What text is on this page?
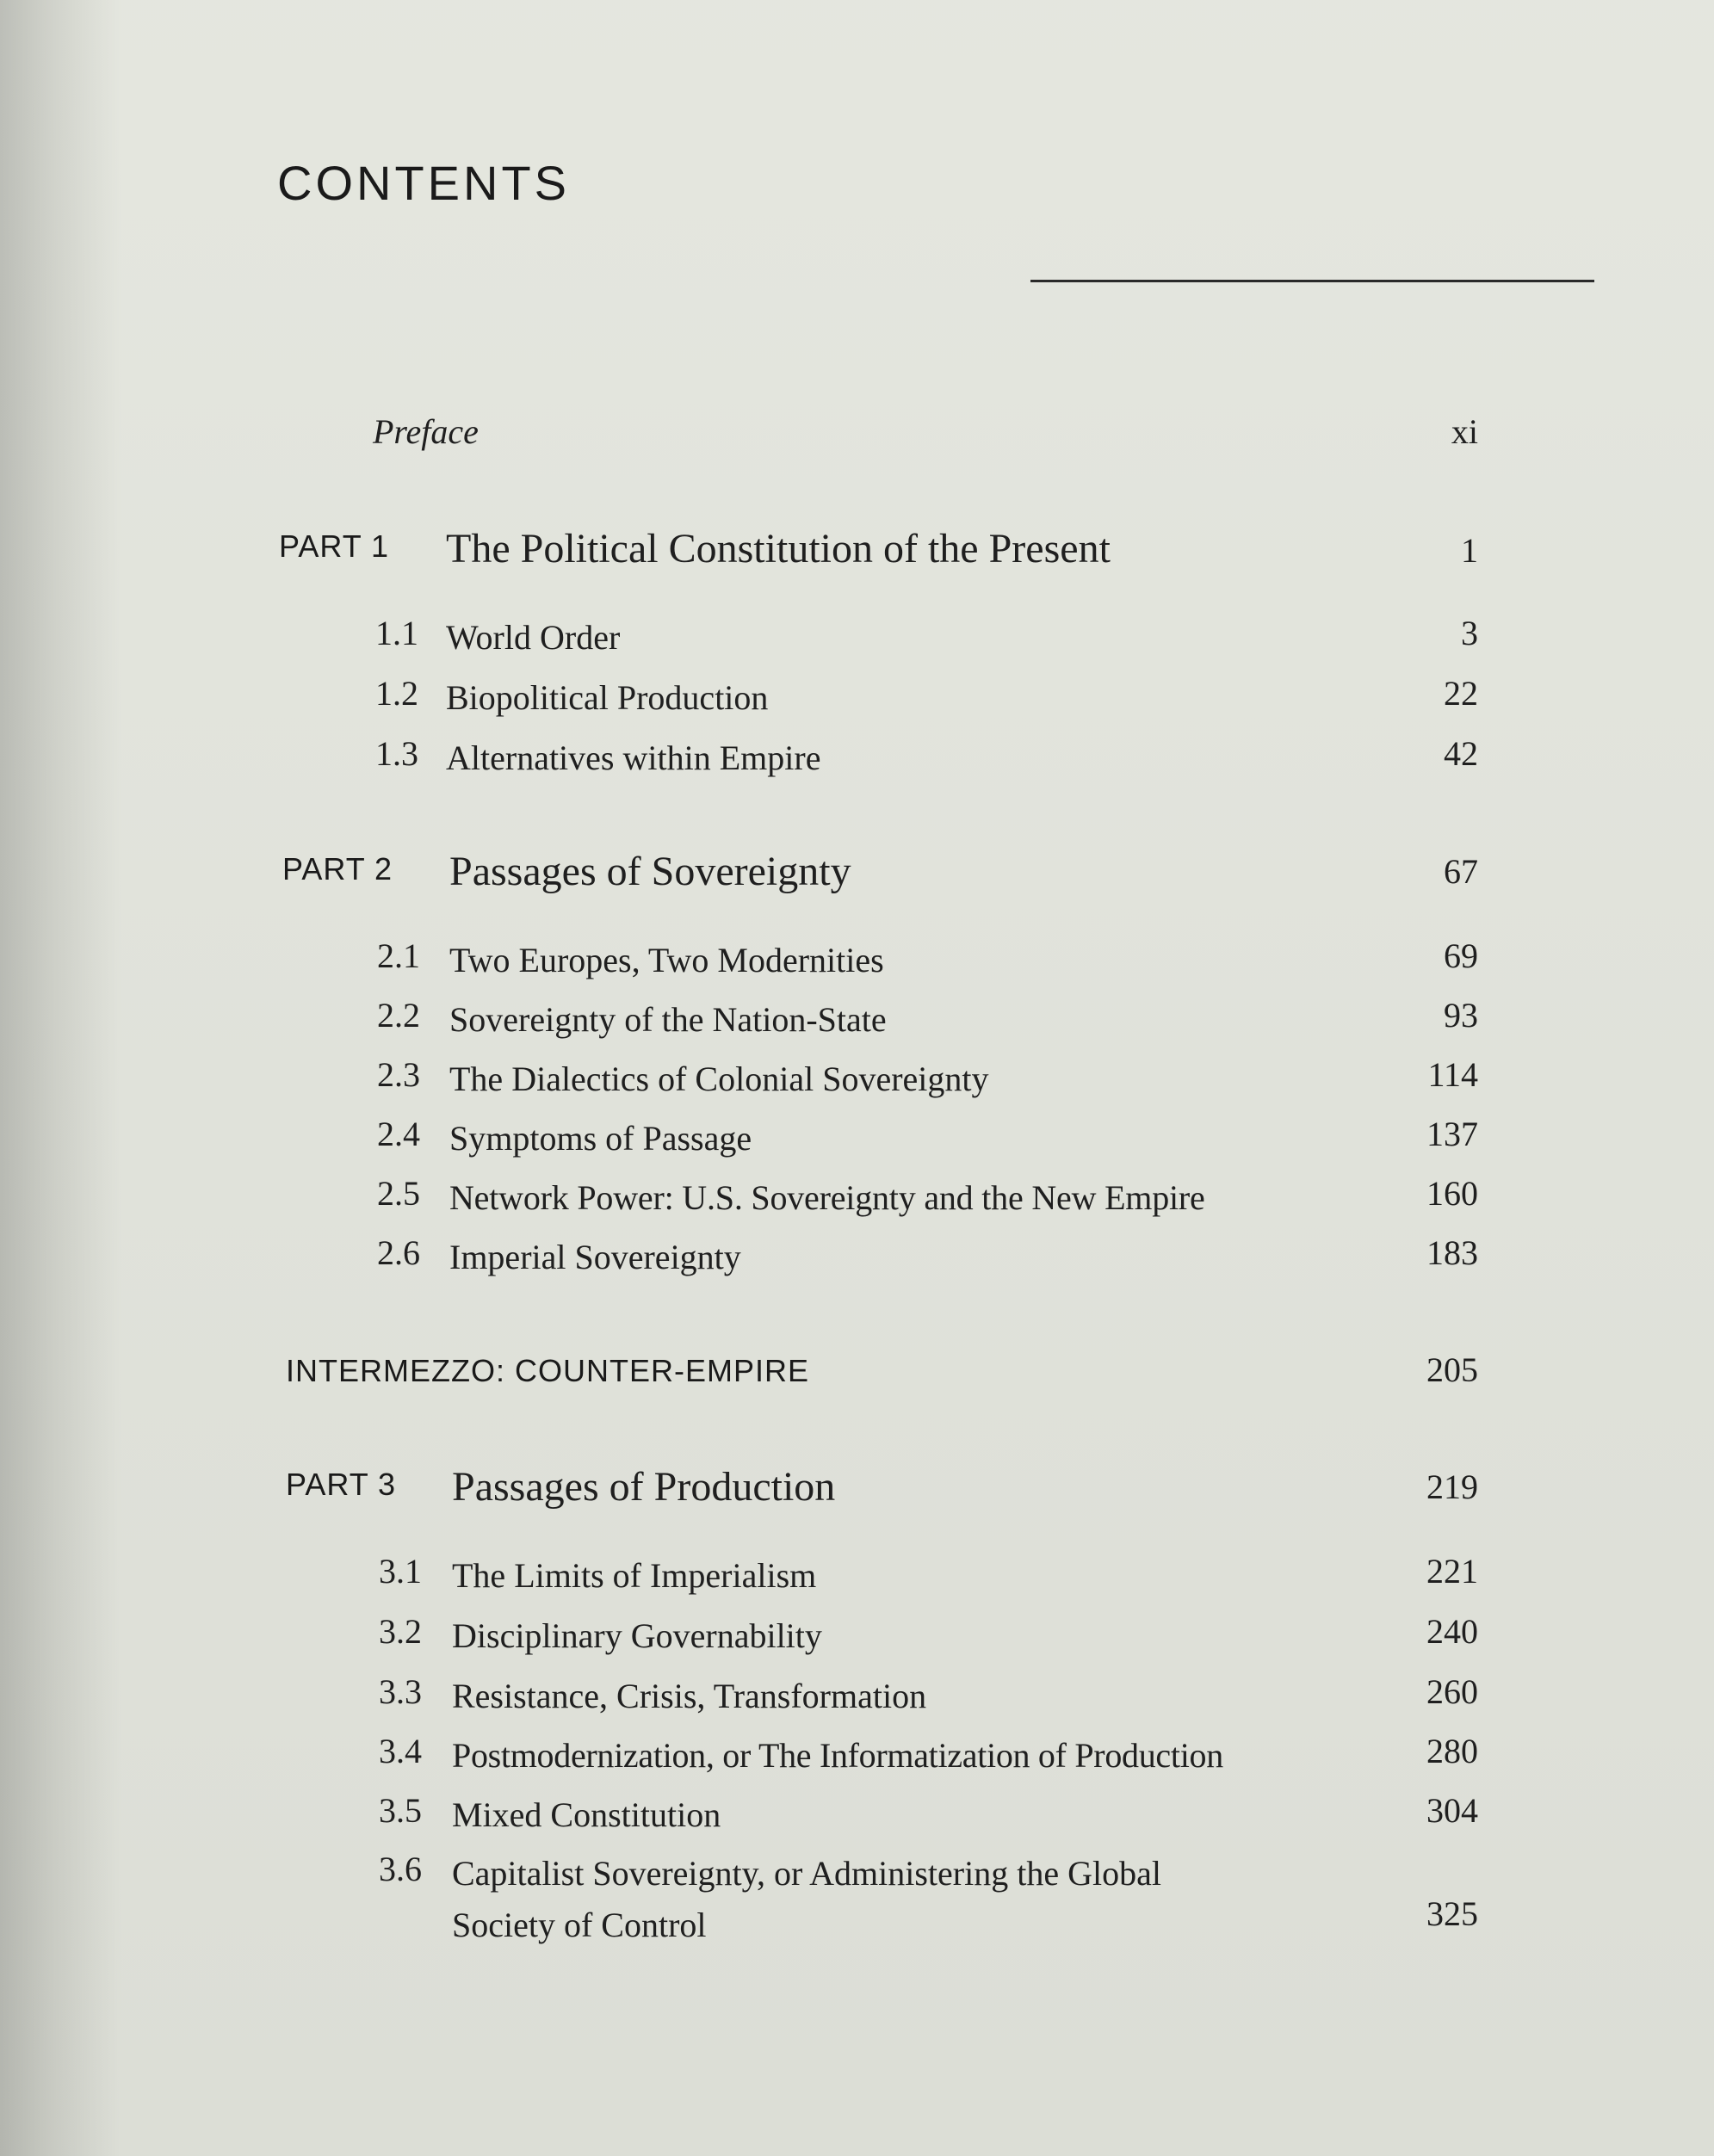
CONTENTS
Preface	xi
PART 1 The Political Constitution of the Present	1
1.1 World Order	3
1.2 Biopolitical Production	22
1.3 Alternatives within Empire	42
PART 2 Passages of Sovereignty	67
2.1 Two Europes, Two Modernities	69
2.2 Sovereignty of the Nation-State	93
2.3 The Dialectics of Colonial Sovereignty	114
2.4 Symptoms of Passage	137
2.5 Network Power: U.S. Sovereignty and the New Empire	160
2.6 Imperial Sovereignty	183
INTERMEZZO: COUNTER-EMPIRE	205
PART 3 Passages of Production	219
3.1 The Limits of Imperialism	221
3.2 Disciplinary Governability	240
3.3 Resistance, Crisis, Transformation	260
3.4 Postmodernization, or The Informatization of Production	280
3.5 Mixed Constitution	304
3.6 Capitalist Sovereignty, or Administering the Global
Society of Control	325
